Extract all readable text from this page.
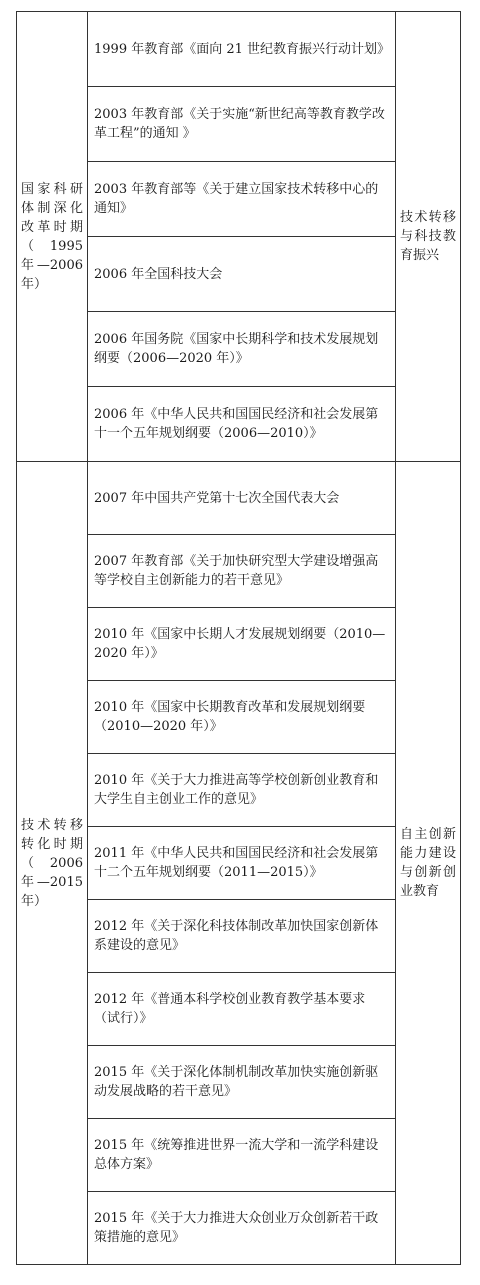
国家科研体制深化改革时期（1995 年—2006 年）	1999 年教育部《面向 21 世纪教育振兴行动计划》	技术转移与科技教育振兴
	2003 年教育部《关于实施“新世纪高等教育教学改革工程”的通知 》	
	2003 年教育部等《关于建立国家技术转移中心的通知》	
	2006 年全国科技大会	
	2006 年国务院《国家中长期科学和技术发展规划纲要（2006—2020 年）》	
	2006 年《中华人民共和国国民经济和社会发展第十一个五年规划纲要（2006—2010）》	
技术转移转化时期（2006 年—2015 年）	2007 年中国共产党第十七次全国代表大会	自主创新能力建设与创新创业教育
	2007 年教育部《关于加快研究型大学建设增强高等学校自主创新能力的若干意见》	
	2010 年《国家中长期人才发展规划纲要（2010—2020 年）》	
	2010 年《国家中长期教育改革和发展规划纲要（2010—2020 年）》	
	2010 年《关于大力推进高等学校创新创业教育和大学生自主创业工作的意见》	
	2011 年《中华人民共和国国民经济和社会发展第十二个五年规划纲要（2011—2015）》	
	2012 年《关于深化科技体制改革加快国家创新体系建设的意见》	
	2012 年《普通本科学校创业教育教学基本要求（试行）》	
	2015 年《关于深化体制机制改革加快实施创新驱动发展战略的若干意见》	
	2015 年《统筹推进世界一流大学和一流学科建设总体方案》	
	2015 年《关于大力推进大众创业万众创新若干政策措施的意见》	
